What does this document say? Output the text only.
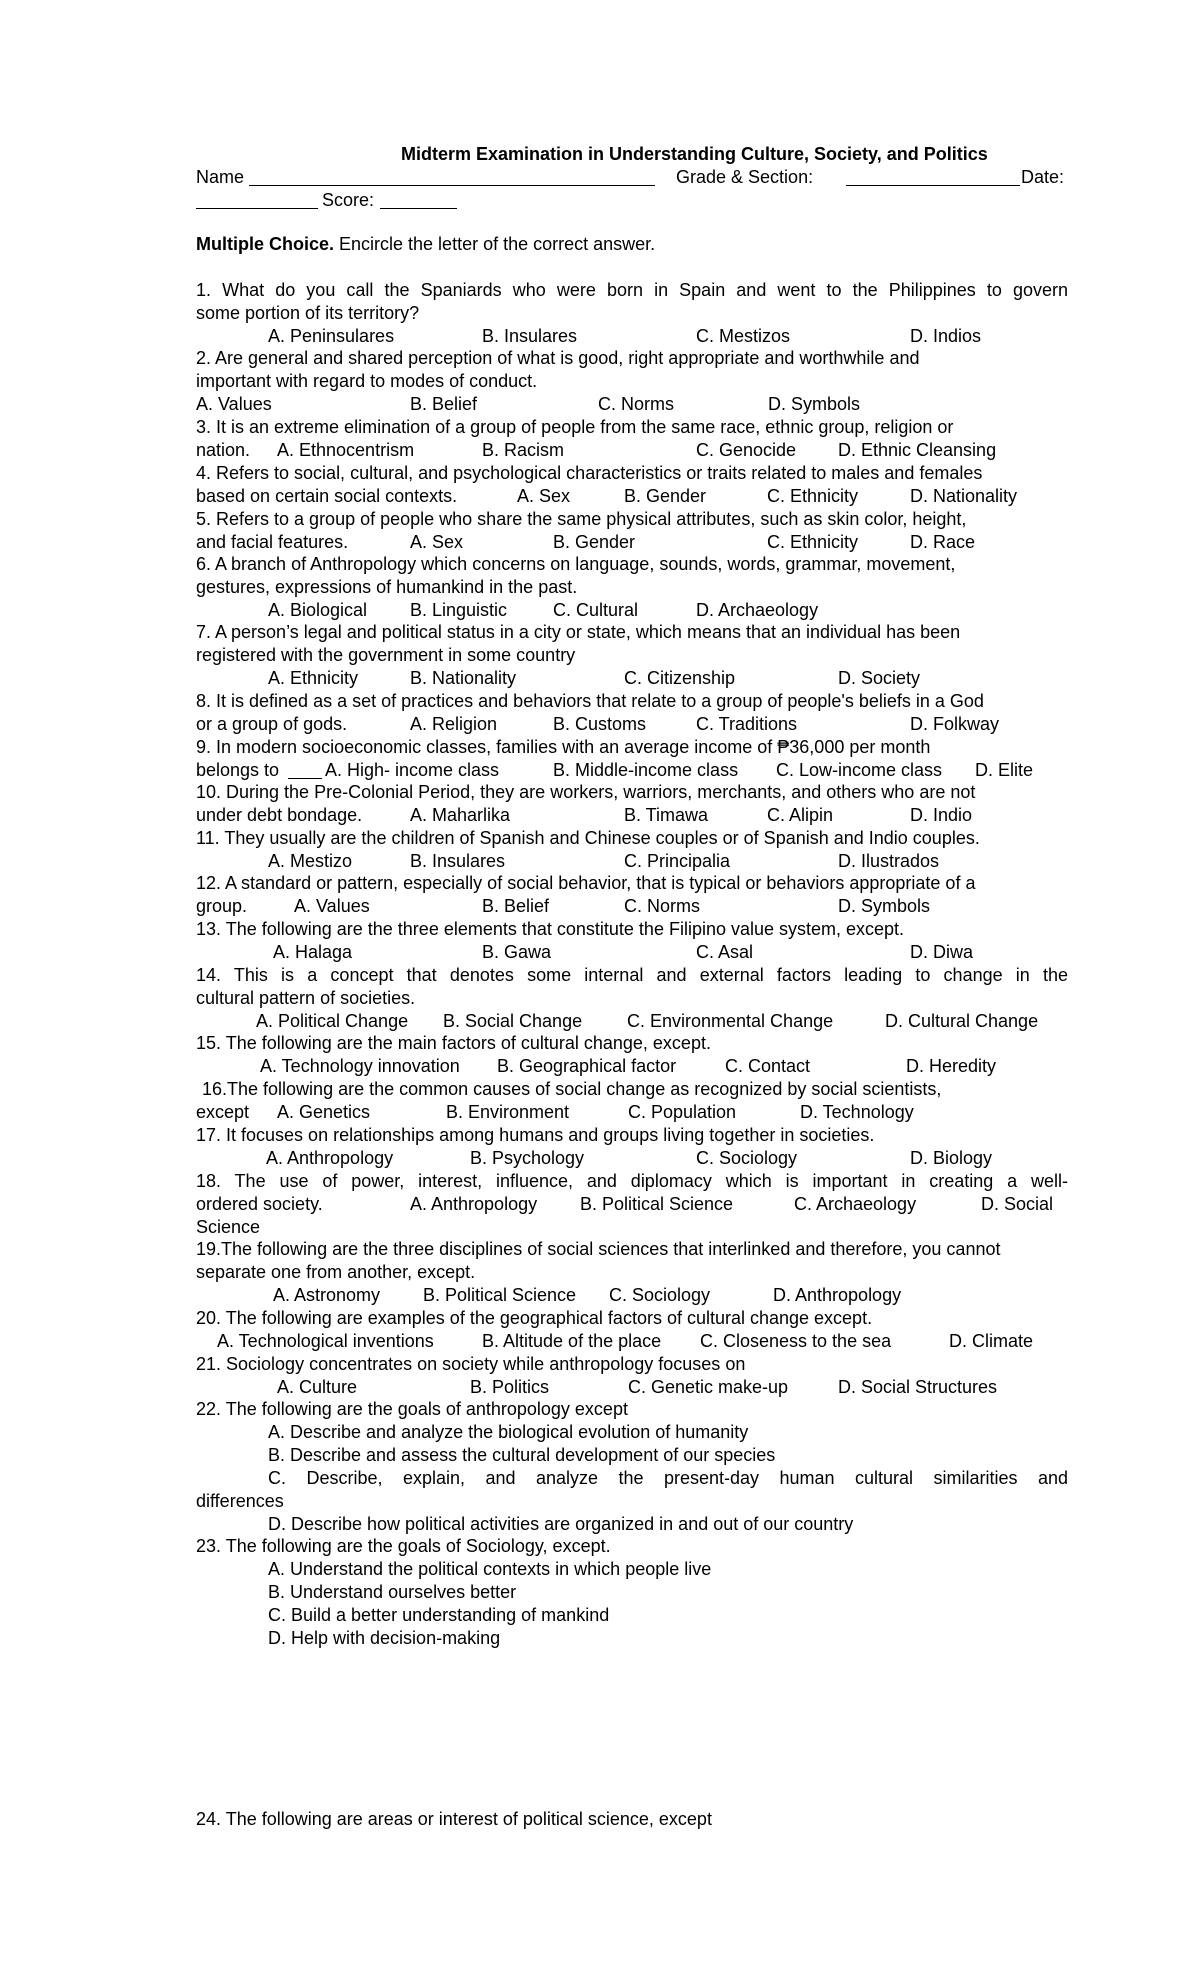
Midterm Examination in Understanding Culture, Society, and Politics
Name	Grade & Section:	Date:
Score:
Multiple Choice. Encircle the letter of the correct answer.
1. What do you call the Spaniards who were born in Spain and went to the Philippines to govern
some portion of its territory?
A. Peninsulares	B. Insulares	C. Mestizos	D. Indios
2. Are general and shared perception of what is good, right appropriate and worthwhile and
important with regard to modes of conduct.
A. Values	B. Belief	C. Norms	D. Symbols
3. It is an extreme elimination of a group of people from the same race, ethnic group, religion or
nation. A. Ethnocentrism	B. Racism	C. Genocide D. Ethnic Cleansing
4. Refers to social, cultural, and psychological characteristics or traits related to males and females
based on certain social contexts.	A. Sex	B. Gender	C. Ethnicity	D. Nationality
5. Refers to a group of people who share the same physical attributes, such as skin color, height,
and facial features.	A. Sex	B. Gender	C. Ethnicity	D. Race
6. A branch of Anthropology which concerns on language, sounds, words, grammar, movement,
gestures, expressions of humankind in the past.
A. Biological B. Linguistic	C. Cultural	D. Archaeology
7. A person’s legal and political status in a city or state, which means that an individual has been
registered with the government in some country
A. Ethnicity	B. Nationality	C. Citizenship	D. Society
8. It is defined as a set of practices and behaviors that relate to a group of people's beliefs in a God
or a group of gods.	A. Religion	B. Customs	C. Traditions	D. Folkway
9. In modern socioeconomic classes, families with an average income of ₱36,000 per month
belongs to	A. High- income class	B. Middle-income class C. Low-income class D. Elite
10. During the Pre-Colonial Period, they are workers, warriors, merchants, and others who are not
under debt bondage.	A. Maharlika	B. Timawa	C. Alipin	D. Indio
11. They usually are the children of Spanish and Chinese couples or of Spanish and Indio couples.
A. Mestizo	B. Insulares	C. Principalia	D. Ilustrados
12. A standard or pattern, especially of social behavior, that is typical or behaviors appropriate of a
group.	A. Values	B. Belief	C. Norms	D. Symbols
13. The following are the three elements that constitute the Filipino value system, except.
A. Halaga	B. Gawa	C. Asal	D. Diwa
14. This is a concept that denotes some internal and external factors leading to change in the
cultural pattern of societies.
A. Political Change B. Social Change C. Environmental Change	D. Cultural Change
15. The following are the main factors of cultural change, except.
A. Technology innovation B. Geographical factor	C. Contact	D. Heredity
16.The following are the common causes of social change as recognized by social scientists,
except A. Genetics	B. Environment	C. Population	D. Technology
17. It focuses on relationships among humans and groups living together in societies.
A. Anthropology	B. Psychology	C. Sociology	D. Biology
18. The use of power, interest, influence, and diplomacy which is important in creating a well-
ordered society.	A. Anthropology B. Political Science	C. Archaeology	D. Social
Science
19.The following are the three disciplines of social sciences that interlinked and therefore, you cannot
separate one from another, except.
A. Astronomy B. Political Science C. Sociology	D. Anthropology
20. The following are examples of the geographical factors of cultural change except.
A. Technological inventions	B. Altitude of the place C. Closeness to the sea	D. Climate
21. Sociology concentrates on society while anthropology focuses on
A. Culture	B. Politics	C. Genetic make-up	D. Social Structures
22. The following are the goals of anthropology except
A. Describe and analyze the biological evolution of humanity
B. Describe and assess the cultural development of our species
C. Describe, explain, and analyze the present-day human cultural similarities and
differences
D. Describe how political activities are organized in and out of our country
23. The following are the goals of Sociology, except.
A. Understand the political contexts in which people live
B. Understand ourselves better
C. Build a better understanding of mankind
D. Help with decision-making
24. The following are areas or interest of political science, except
